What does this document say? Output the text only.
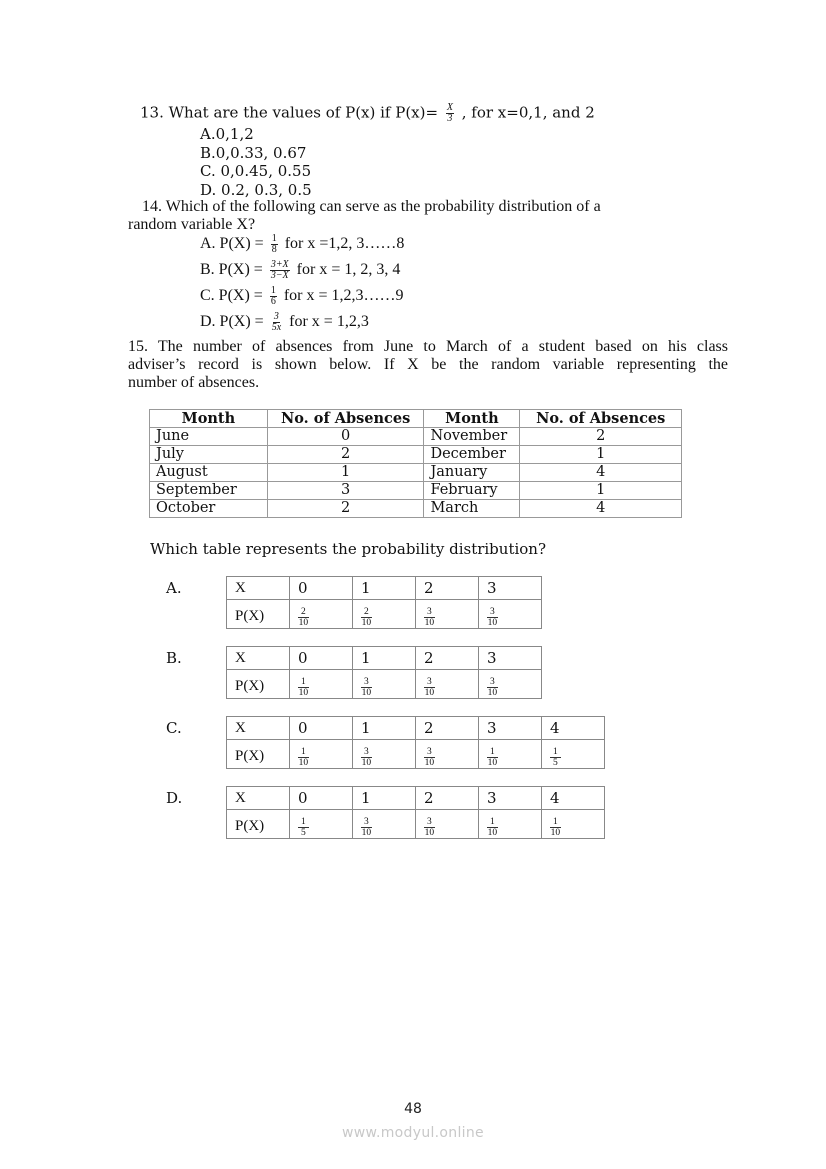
13. What are the values of P(x) if $P(x)= \frac{X}{3}$ , for x=0,1, and 2
A.0,1,2
B.0,0.33, 0.67
C. 0,0.45, 0.55
D. 0.2, 0.3, 0.5
14. Which of the following can serve as the probability distribution of a
random variable X?
A. $P(X) = \frac{1}{8}$ for x =1,2, 3……8
B. $P(X) = \frac{3+X}{3-X}$ for x = 1, 2, 3, 4
C. $P(X) = \frac{1}{6}$ for x = 1,2,3……9
D. $P(X) = \frac{3}{5x}$ for x = 1,2,3
15. The number of absences from June to March of a student based on his class
adviser’s record is shown below. If X be the random variable representing the
number of absences.
Month	No. of Absences	Month	No. of Absences
June	0	November	2
July	2	December	1
August	1	January	4
September	3	February	1
October	2	March	4
Which table represents the probability distribution?
A.	X	0	1	2	3
P(X)	$\frac{2}{10}$	$\frac{2}{10}$	$\frac{3}{10}$	$\frac{3}{10}$
B.	X	0	1	2	3
P(X)	$\frac{1}{10}$	$\frac{3}{10}$	$\frac{3}{10}$	$\frac{3}{10}$
C.	X	0	1	2	3	4
P(X)	$\frac{1}{10}$	$\frac{3}{10}$	$\frac{3}{10}$	$\frac{1}{10}$	$\frac{1}{5}$
D.	X	0	1	2	3	4
P(X)	$\frac{1}{5}$	$\frac{3}{10}$	$\frac{3}{10}$	$\frac{1}{10}$	$\frac{1}{10}$
48
www.modyul.online
